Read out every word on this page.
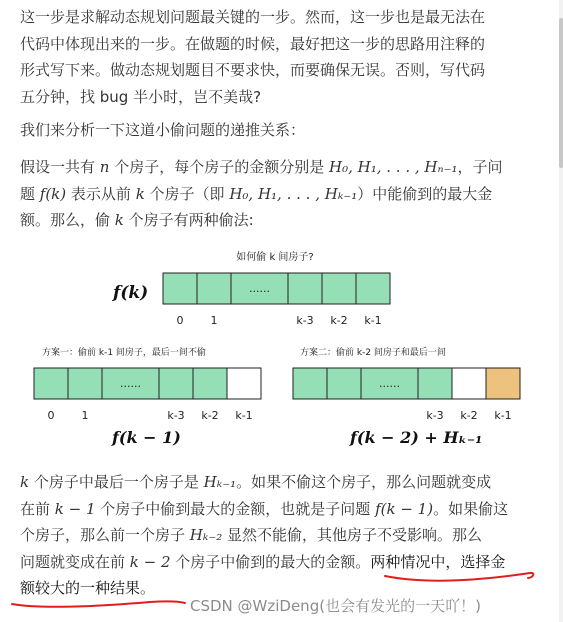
这一步是求解动态规划问题最关键的一步。然而，这一步也是最无法在
代码中体现出来的一步。在做题的时候，最好把这一步的思路用注释的
形式写下来。做动态规划题目不要求快，而要确保无误。否则，写代码
五分钟，找 bug 半小时，岂不美哉?
我们来分析一下这道小偷问题的递推关系：
假设一共有 n 个房子，每个房子的金额分别是 H₀, H₁, . . . , Hₙ₋₁，子问
题 f(k) 表示从前 k 个房子（即 H₀, H₁, . . . , Hₖ₋₁）中能偷到的最大金
额。那么，偷 k 个房子有两种偷法:
如何偷 k 间房子?
f(k)	......
0 1	k-3 k-2 k-1
方案一：偷前 k-1 间房子，最后一间不偷
......
0 1	k-3 k-2 k-1
f(k − 1)
方案二：偷前 k-2 间房子和最后一间
......
k-3 k-2 k-1
f(k − 2) + Hₖ₋₁
k 个房子中最后一个房子是 Hₖ₋₁。如果不偷这个房子，那么问题就变成
在前 k − 1 个房子中偷到最大的金额，也就是子问题 f(k − 1)。如果偷这
个房子，那么前一个房子 Hₖ₋₂ 显然不能偷，其他房子不受影响。那么
问题就变成在前 k − 2 个房子中偷到的最大的金额。两种情况中，选择金
额较大的一种结果。
CSDN @WziDeng(也会有发光的一天吖！)
